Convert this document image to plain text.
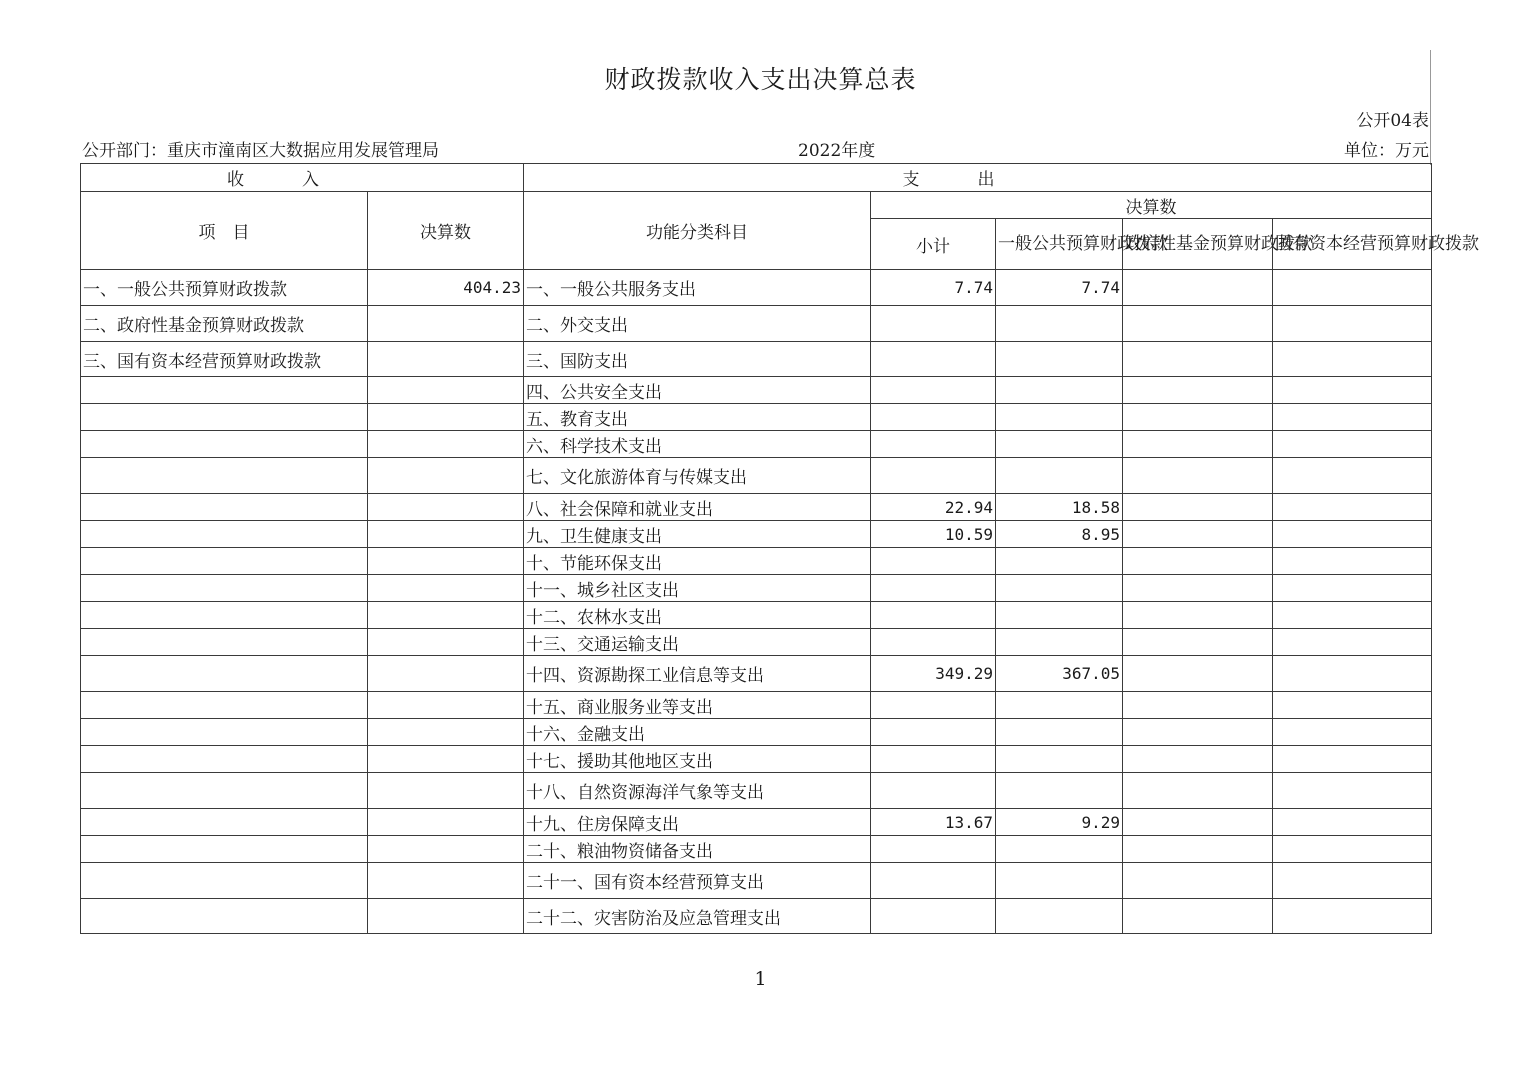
财政拨款收入支出决算总表
公开04表
公开部门：重庆市潼南区大数据应用发展管理局	2022年度	单位：万元
收入		支出				
项　目	决算数	功能分类科目	决算数			
			小计	一般公共预算财政拨款	政府性基金预算财政拨款	国有资本经营预算财政拨款
一、一般公共预算财政拨款	404.23	一、一般公共服务支出	7.74	7.74		
二、政府性基金预算财政拨款		二、外交支出				
三、国有资本经营预算财政拨款		三、国防支出				
		四、公共安全支出				
		五、教育支出				
		六、科学技术支出				
		七、文化旅游体育与传媒支出				
		八、社会保障和就业支出	22.94	18.58		
		九、卫生健康支出	10.59	8.95		
		十、节能环保支出				
		十一、城乡社区支出				
		十二、农林水支出				
		十三、交通运输支出				
		十四、资源勘探工业信息等支出	349.29	367.05		
		十五、商业服务业等支出				
		十六、金融支出				
		十七、援助其他地区支出				
		十八、自然资源海洋气象等支出				
		十九、住房保障支出	13.67	9.29		
		二十、粮油物资储备支出				
		二十一、国有资本经营预算支出				
		二十二、灾害防治及应急管理支出				
1
